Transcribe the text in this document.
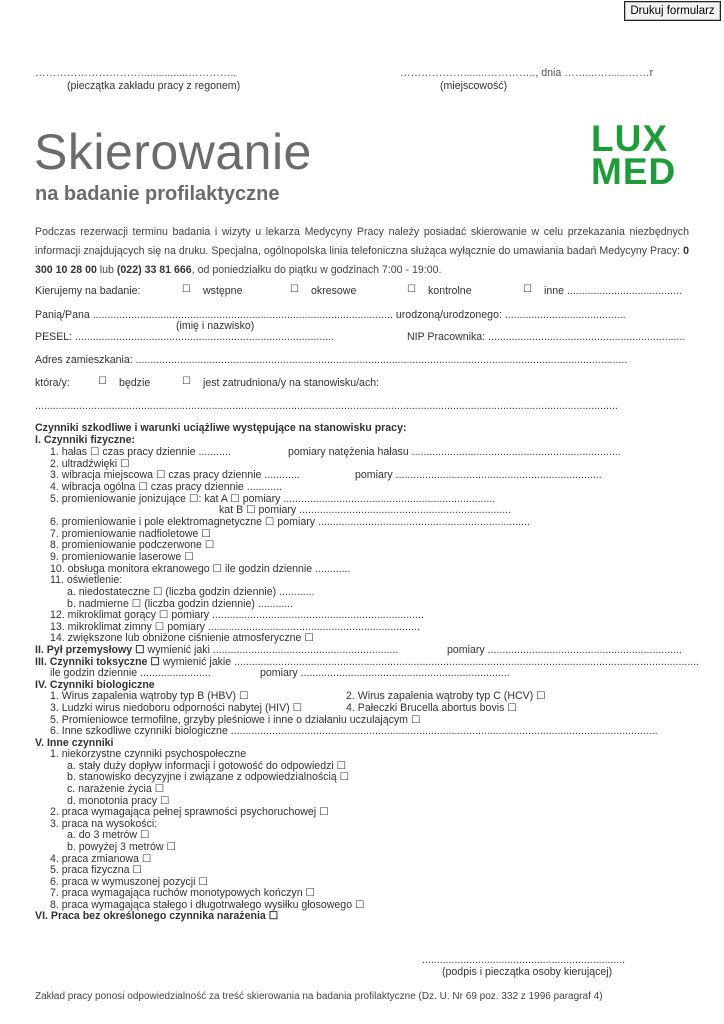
Drukuj formularz
…………………………................…………..
(pieczątka zakładu pracy z regonem)
………………........………….., dnia ……....….......……r
(miejscowość)
Skierowanie
na badanie profilaktyczne
LUX
MED
Podczas rezerwacji terminu badania i wizyty u lekarza Medycyny Pracy należy posiadać skierowanie w celu przekazania niezbędnych informacji znajdujących się na druku. Specjalna, ogólnopolska linia telefoniczna służąca wyłącznie do umawiania badań Medycyny Pracy: 0 300 10 28 00 lub (022) 33 81 666, od poniedziałku do piątku w godzinach 7:00 - 19:00.
Kierujemy na badanie:	☐ wstępne	☐ okresowe	☐ kontrolne	☐ inne .......................................
Panią/Pana ...................................................................................................... urodzoną/urodzonego: .........................................
(imię i nazwisko)
PESEL: ........................................................................................	NIP Pracownika: ...................................................................
Adres zamieszkania: .......................................................................................................................................................................
która/y:	☐ będzie	☐ jest zatrudniona/y na stanowisku/ach:
......................................................................................................................................................................................................
Czynniki szkodliwe i warunki uciążliwe występujące na stanowisku pracy:
I. Czynniki fizyczne:
1. hałas ☐ czas pracy dziennie ...........	pomiary natężenia hałasu .......................................................................
2. ultradźwięki ☐
3. wibracja miejscowa ☐ czas pracy dziennie ............	pomiary ......................................................................
4. wibracja ogólna ☐ czas pracy dziennie ............
5. promieniowanie jonizujące ☐: kat A ☐ pomiary ........................................................................
kat B ☐ pomiary ........................................................................
6. promieniowanie i pole elektromagnetyczne ☐ pomiary ........................................................................
7. promieniowanie nadfioletowe ☐
8. promieniowanie podczerwone ☐
9. promieniowanie laserowe ☐
10. obsługa monitora ekranowego ☐ ile godzin dziennie ............
11. oświetlenie:
a. niedostateczne ☐ (liczba godzin dziennie) ............
b. nadmierne ☐ (liczba godzin dziennie) ............
12. mikroklimat gorący ☐ pomiary ........................................................................
13. mikroklimat zimny ☐ pomiary ........................................................................
14. zwiększone lub obniżone ciśnienie atmosferyczne ☐
II. Pył przemysłowy ☐ wymienić jaki ...............................................................	pomiary ..................................................................
III. Czynniki toksyczne ☐ wymienić jakie ..............................................................................................................................................................
ile godzin dziennie ........................	pomiary .......................................................................
IV. Czynniki biologiczne
1. Wirus zapalenia wątroby typ B (HBV) ☐	2. Wirus zapalenia wątroby typ C (HCV) ☐
3. Ludzki wirus niedoboru odporności nabytej (HIV) ☐	4. Pałeczki Brucella abortus bovis ☐
5. Promieniowce termofilne, grzyby pleśniowe i inne o działaniu uczulającym ☐
6. Inne szkodliwe czynniki biologiczne .................................................................................................................................................
V. Inne czynniki
1. niekorzystne czynniki psychospołeczne
a. stały duży dopływ informacji i gotowość do odpowiedzi ☐
b. stanowisko decyzyjne i związane z odpowiedzialnością ☐
c. narażenie życia ☐
d. monotonia pracy ☐
2. praca wymagająca pełnej sprawności psychoruchowej ☐
3. praca na wysokości:
a. do 3 metrów ☐
b. powyżej 3 metrów ☐
4. praca zmianowa ☐
5. praca fizyczna ☐
6. praca w wymuszonej pozycji ☐
7. praca wymagająca ruchów monotypowych kończyn ☐
8. praca wymagająca stałego i długotrwałego wysiłku głosowego ☐
VI. Praca bez określonego czynnika narażenia ☐
.....................................................................
(podpis i pieczątka osoby kierującej)
Zakład pracy ponosi odpowiedzialność za treść skierowania na badania profilaktyczne (Dz. U. Nr 69 poz. 332 z 1996 paragraf 4)
